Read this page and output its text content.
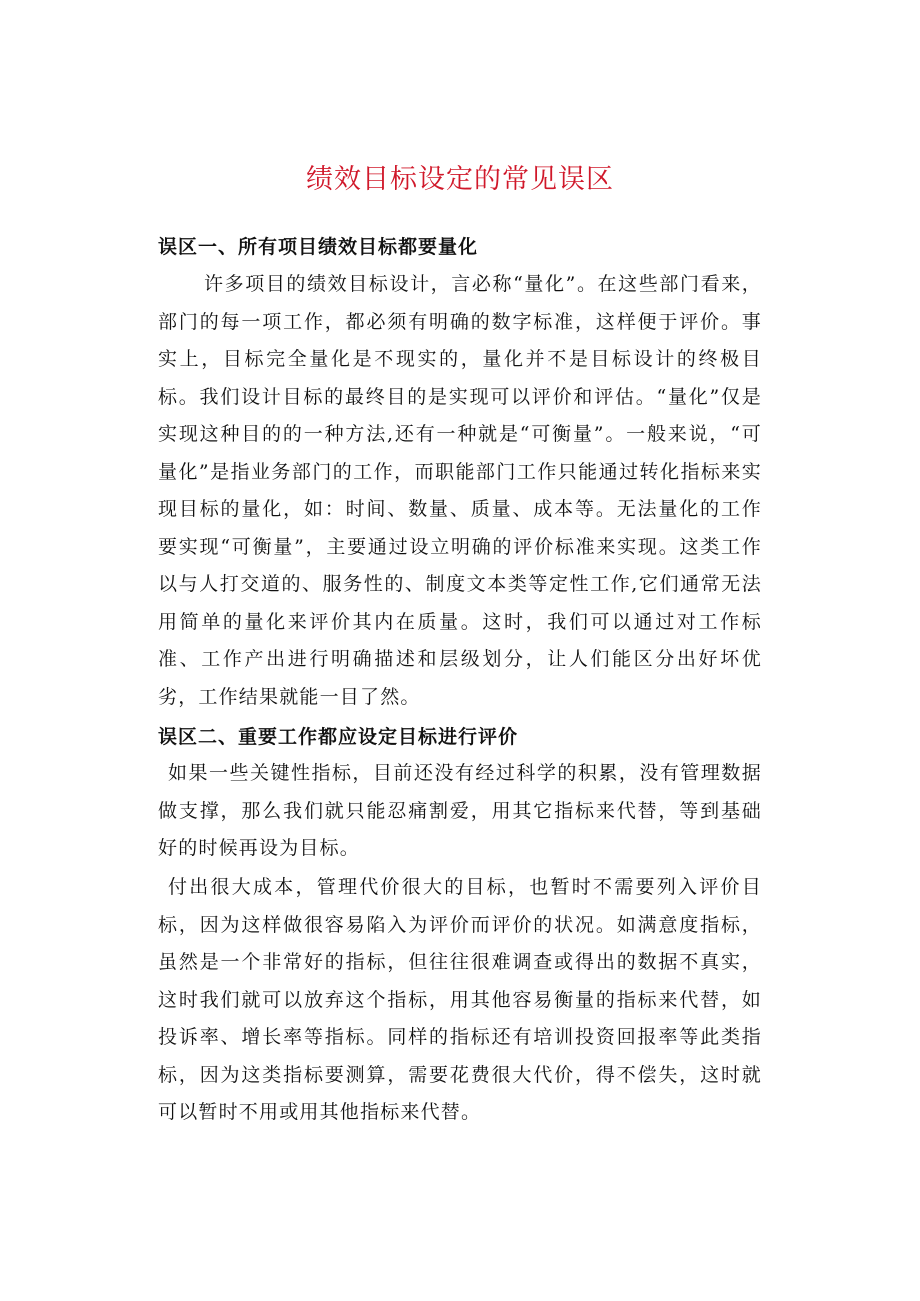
绩效目标设定的常见误区
误区一、所有项目绩效目标都要量化
许多项目的绩效目标设计，言必称“量化”。在这些部门看来，部门的每一项工作，都必须有明确的数字标准，这样便于评价。事实上，目标完全量化是不现实的，量化并不是目标设计的终极目标。我们设计目标的最终目的是实现可以评价和评估。“量化”仅是实现这种目的的一种方法,还有一种就是“可衡量”。一般来说，“可量化”是指业务部门的工作，而职能部门工作只能通过转化指标来实现目标的量化，如：时间、数量、质量、成本等。无法量化的工作要实现“可衡量”，主要通过设立明确的评价标准来实现。这类工作以与人打交道的、服务性的、制度文本类等定性工作,它们通常无法用简单的量化来评价其内在质量。这时，我们可以通过对工作标准、工作产出进行明确描述和层级划分，让人们能区分出好坏优劣，工作结果就能一目了然。
误区二、重要工作都应设定目标进行评价
如果一些关键性指标，目前还没有经过科学的积累，没有管理数据做支撑，那么我们就只能忍痛割爱，用其它指标来代替，等到基础好的时候再设为目标。
付出很大成本，管理代价很大的目标，也暂时不需要列入评价目标，因为这样做很容易陷入为评价而评价的状况。如满意度指标，虽然是一个非常好的指标，但往往很难调查或得出的数据不真实，这时我们就可以放弃这个指标，用其他容易衡量的指标来代替，如投诉率、增长率等指标。同样的指标还有培训投资回报率等此类指标，因为这类指标要测算，需要花费很大代价，得不偿失，这时就可以暂时不用或用其他指标来代替。
